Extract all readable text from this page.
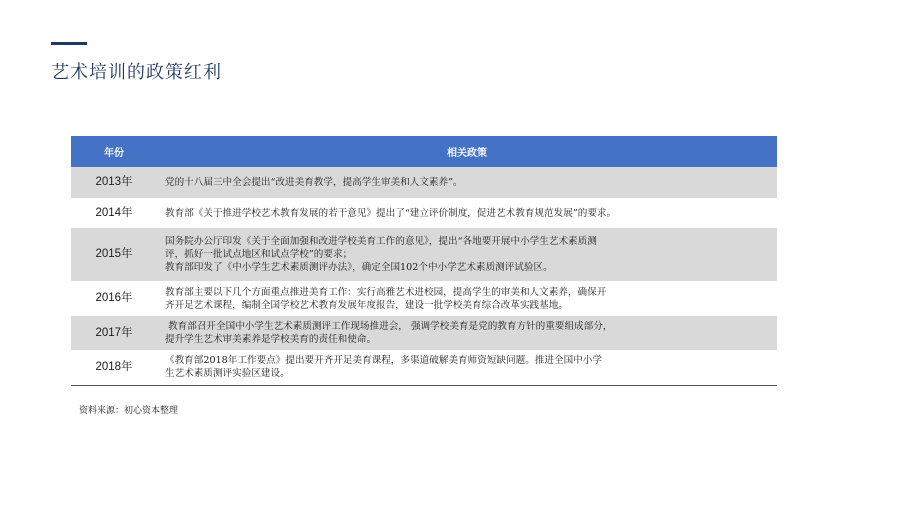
艺术培训的政策红利
年份	相关政策
2013年	党的十八届三中全会提出“改进美育教学，提高学生审美和人文素养”。

2014年	教育部《关于推进学校艺术教育发展的若干意见》提出了“建立评价制度，促进艺术教育规范发展”的要求。

2015年	国务院办公厅印发《关于全面加强和改进学校美育工作的意见》，提出“各地要开展中小学生艺术素质测
评，抓好一批试点地区和试点学校”的要求；
教育部印发了《中小学生艺术素质测评办法》，确定全国102个中小学艺术素质测评试验区。

2016年	教育部主要以下几个方面重点推进美育工作：实行高雅艺术进校园，提高学生的审美和人文素养，确保开
齐开足艺术课程，编制全国学校艺术教育发展年度报告，建设一批学校美育综合改革实践基地。

2017年	教育部召开全国中小学生艺术素质测评工作现场推进会， 强调学校美育是党的教育方针的重要组成部分，
提升学生艺术审美素养是学校美育的责任和使命。

2018年	《教育部2018年工作要点》提出要开齐开足美育课程，多渠道破解美育师资短缺问题。推进全国中小学
生艺术素质测评实验区建设。
资料来源：初心资本整理
